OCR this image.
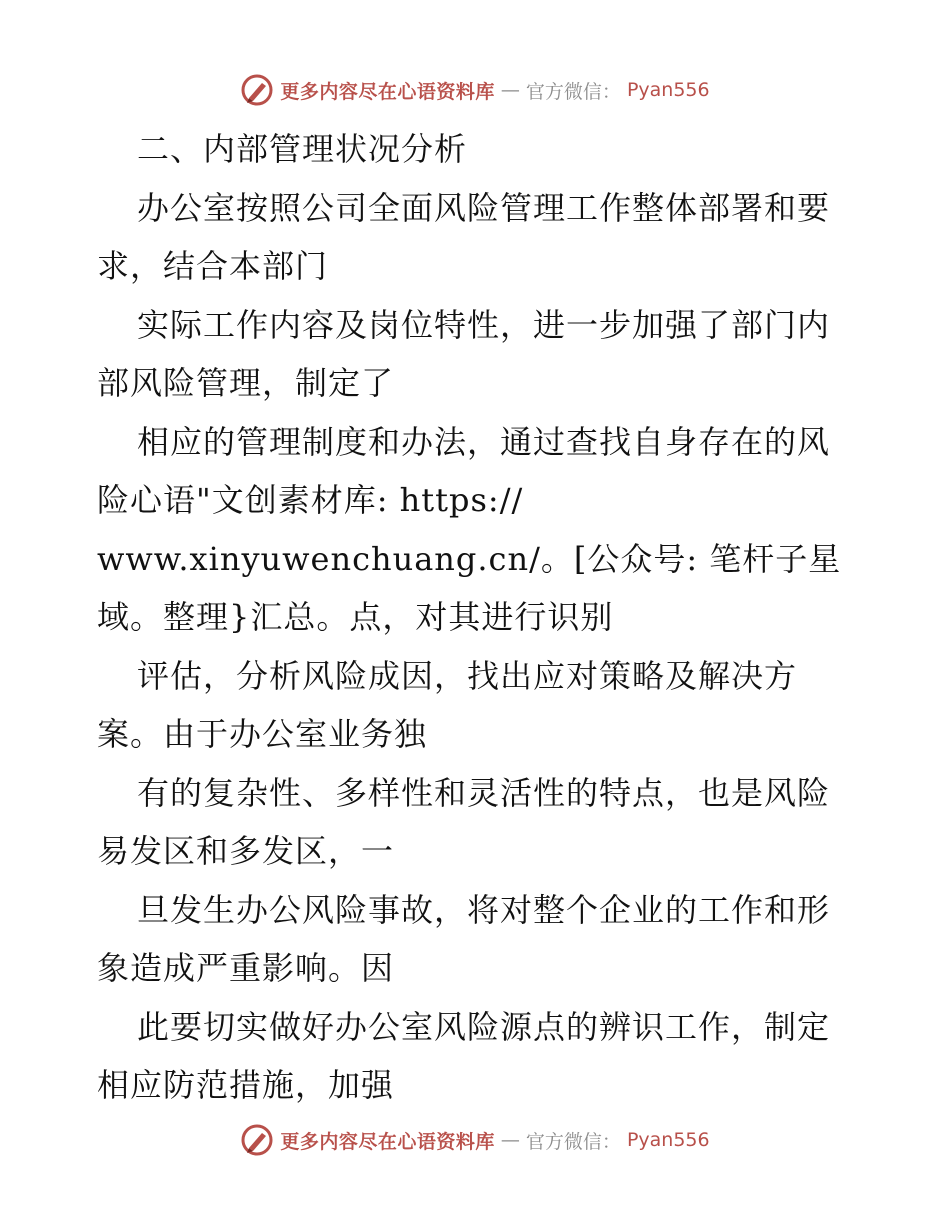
更多内容尽在心语资料库 — 官方微信： Pyan556
二、内部管理状况分析
办公室按照公司全面风险管理工作整体部署和要
求，结合本部门
实际工作内容及岗位特性，进一步加强了部门内
部风险管理，制定了
相应的管理制度和办法，通过查找自身存在的风
险心语"文创素材库: https://
www.xinyuwenchuang.cn/。[公众号: 笔杆子星
域。整理}汇总。点，对其进行识别
评估，分析风险成因，找出应对策略及解决方
案。由于办公室业务独
有的复杂性、多样性和灵活性的特点，也是风险
易发区和多发区，一
旦发生办公风险事故，将对整个企业的工作和形
象造成严重影响。因
此要切实做好办公室风险源点的辨识工作，制定
相应防范措施，加强
更多内容尽在心语资料库 — 官方微信： Pyan556
